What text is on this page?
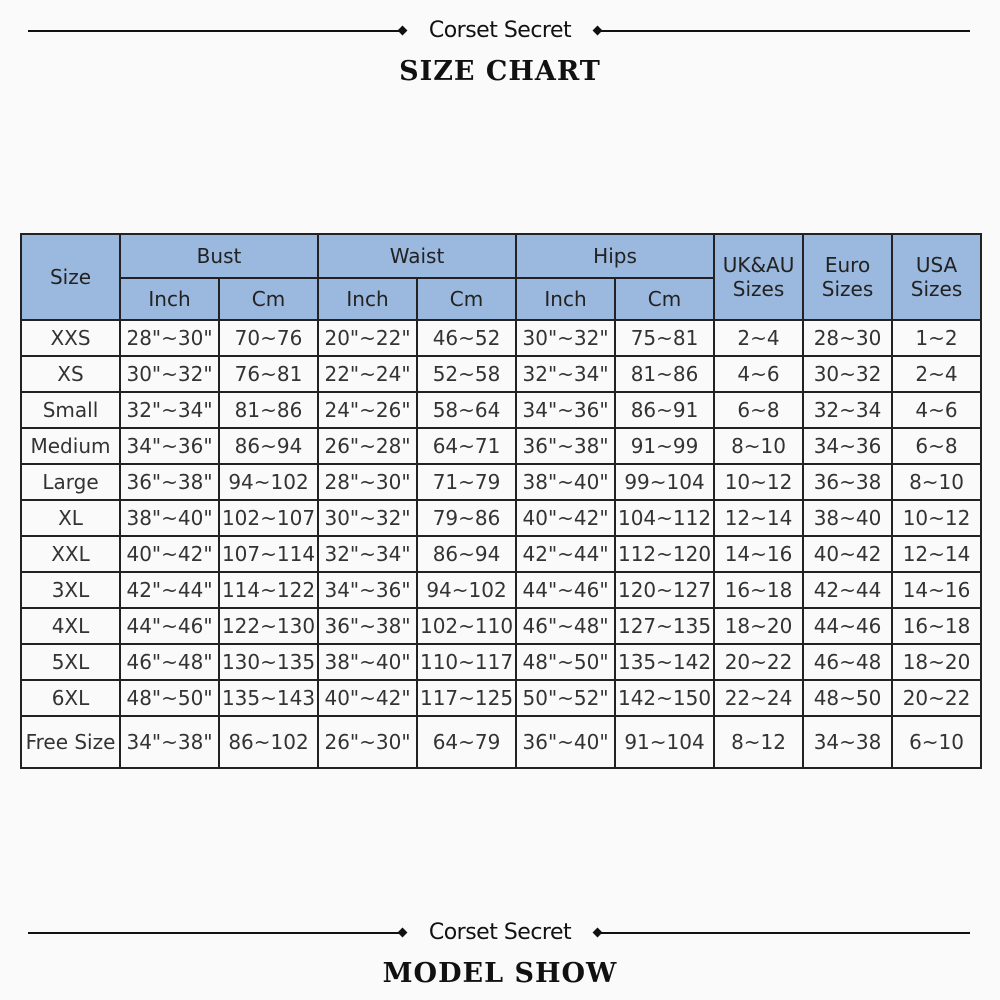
Corset Secret
SIZE CHART
Size	Bust		Waist		Hips		UK&AU Sizes	Euro Sizes	USA Sizes
	Inch	Cm	Inch	Cm	Inch	Cm			
XXS	28"~30"	70~76	20"~22"	46~52	30"~32"	75~81	2~4	28~30	1~2
XS	30"~32"	76~81	22"~24"	52~58	32"~34"	81~86	4~6	30~32	2~4
Small	32"~34"	81~86	24"~26"	58~64	34"~36"	86~91	6~8	32~34	4~6
Medium	34"~36"	86~94	26"~28"	64~71	36"~38"	91~99	8~10	34~36	6~8
Large	36"~38"	94~102	28"~30"	71~79	38"~40"	99~104	10~12	36~38	8~10
XL	38"~40"	102~107	30"~32"	79~86	40"~42"	104~112	12~14	38~40	10~12
XXL	40"~42"	107~114	32"~34"	86~94	42"~44"	112~120	14~16	40~42	12~14
3XL	42"~44"	114~122	34"~36"	94~102	44"~46"	120~127	16~18	42~44	14~16
4XL	44"~46"	122~130	36"~38"	102~110	46"~48"	127~135	18~20	44~46	16~18
5XL	46"~48"	130~135	38"~40"	110~117	48"~50"	135~142	20~22	46~48	18~20
6XL	48"~50"	135~143	40"~42"	117~125	50"~52"	142~150	22~24	48~50	20~22
Free Size	34"~38"	86~102	26"~30"	64~79	36"~40"	91~104	8~12	34~38	6~10
Corset Secret
MODEL SHOW
